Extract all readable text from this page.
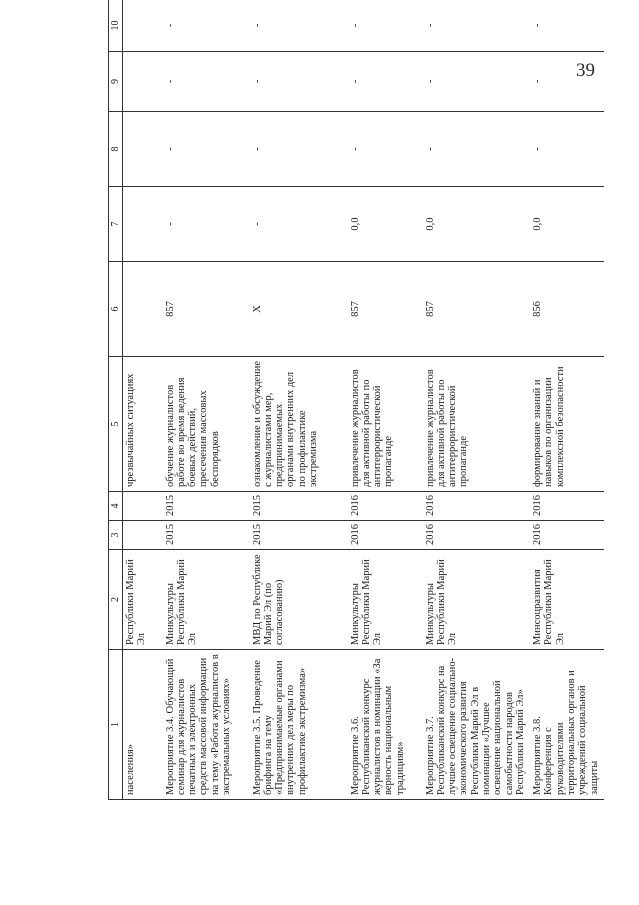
39
1	2	3	4	5	6	7	8	9	10
населения»	Республики Марий Эл			чрезвычайных ситуациях					
Мероприятие 3.4. Обучающий семинар для журналистов печатных и электронных средств массовой информации на тему «Работа журналистов в экстремальных условиях»	Минкультуры Республики Марий Эл	2015	2015	обучение журналистов работе во время ведения боевых действий, пресечения массовых беспорядков	857	-	-	-	-
Мероприятие 3.5. Проведение брифинга на тему «Предпринимаемые органами внутренних дел меры по профилактике экстремизма»	МВД по Республике Марий Эл (по согласованию)	2015	2015	ознакомление и обсуждение с журналистами мер, предпринимаемых органами внутренних дел по профилактике экстремизма	X	-	-	-	-
Мероприятие 3.6. Республиканский конкурс журналистов в номинации «За верность национальным традициям»	Минкультуры Республики Марий Эл	2016	2016	привлечение журналистов для активной работы по антитеррористической пропаганде	857	0,0	-	-	-
Мероприятие 3.7. Республиканский конкурс на лучшее освещение социально-экономического развития Республики Марий Эл в номинации «Лучшее освещение национальной самобытности народов Республики Марий Эл»	Минкультуры Республики Марий Эл	2016	2016	привлечение журналистов для активной работы по антитеррористической пропаганде	857	0,0	-	-	-
Мероприятие 3.8. Конференция с руководителями территориальных органов и учреждений социальной защиты	Минсоцразвития Республики Марий Эл	2016	2016	формирование знаний и навыков по организации комплексной безопасности	856	0,0	-	-	-
